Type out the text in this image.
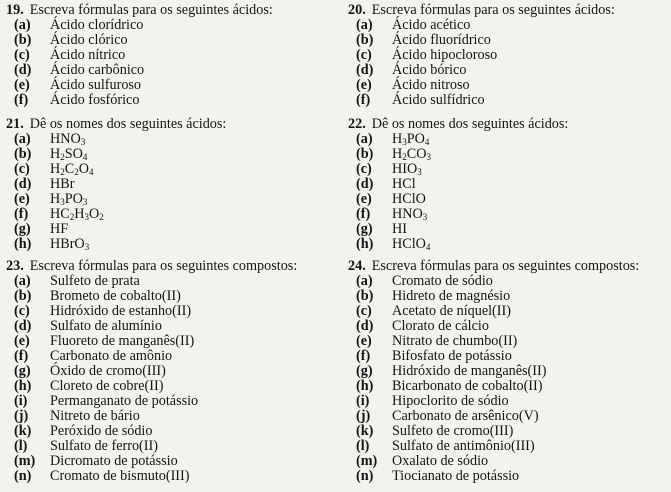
19. Escreva fórmulas para os seguintes ácidos:
(a)	Ácido clorídrico
(b)	Ácido clórico
(c)	Ácido nítrico
(d)	Ácido carbônico
(e)	Ácido sulfuroso
(f)	Ácido fosfórico
20. Escreva fórmulas para os seguintes ácidos:
(a)	Ácido acético
(b)	Ácido fluorídrico
(c)	Ácido hipocloroso
(d)	Ácido bórico
(e)	Ácido nitroso
(f)	Ácido sulfídrico
21. Dê os nomes dos seguintes ácidos:
(a)	$HNO_3$
(b)	$H_2SO_4$
(c)	$H_2C_2O_4$
(d)	HBr
(e)	$H_3PO_3$
(f)	$HC_2H_3O_2$
(g)	HF
(h)	HBrO$_3$
22. Dê os nomes dos seguintes ácidos:
(a)	$H_3PO_4$
(b)	$H_2CO_3$
(c)	$HIO_3$
(d)	HCl
(e)	HClO
(f)	$HNO_3$
(g)	HI
(h)	HClO$_4$
23. Escreva fórmulas para os seguintes compostos:
(a)	Sulfeto de prata
(b)	Brometo de cobalto(II)
(c)	Hidróxido de estanho(II)
(d)	Sulfato de alumínio
(e)	Fluoreto de manganês(II)
(f)	Carbonato de amônio
(g)	Óxido de cromo(III)
(h)	Cloreto de cobre(II)
(i)	Permanganato de potássio
(j)	Nitreto de bário
(k)	Peróxido de sódio
(l)	Sulfato de ferro(II)
(m)	Dicromato de potássio
(n)	Cromato de bismuto(III)
24. Escreva fórmulas para os seguintes compostos:
(a)	Cromato de sódio
(b)	Hidreto de magnésio
(c)	Acetato de níquel(II)
(d)	Clorato de cálcio
(e)	Nitrato de chumbo(II)
(f)	Bifosfato de potássio
(g)	Hidróxido de manganês(II)
(h)	Bicarbonato de cobalto(II)
(i)	Hipoclorito de sódio
(j)	Carbonato de arsênico(V)
(k)	Sulfeto de cromo(III)
(l)	Sulfato de antimônio(III)
(m)	Oxalato de sódio
(n)	Tiocianato de potássio
